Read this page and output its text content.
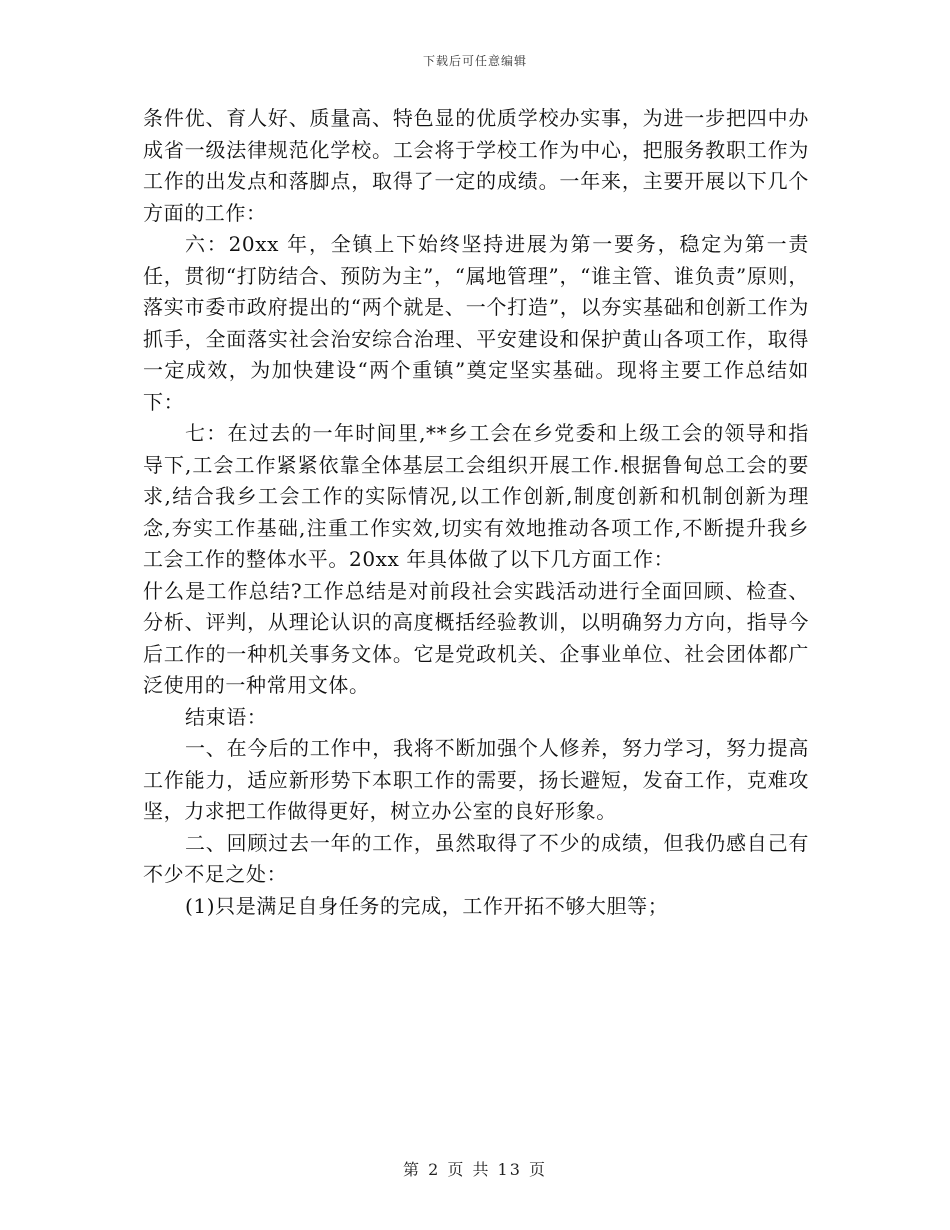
下载后可任意编辑

条件优、育人好、质量高、特色显的优质学校办实事，为进一步把四中办成省一级法律规范化学校。工会将于学校工作为中心，把服务教职工作为工作的出发点和落脚点，取得了一定的成绩。一年来，主要开展以下几个方面的工作：

六：20xx 年，全镇上下始终坚持进展为第一要务，稳定为第一责任，贯彻“打防结合、预防为主”，“属地管理”，“谁主管、谁负责”原则，落实市委市政府提出的“两个就是、一个打造”，以夯实基础和创新工作为抓手，全面落实社会治安综合治理、平安建设和保护黄山各项工作，取得一定成效，为加快建设“两个重镇”奠定坚实基础。现将主要工作总结如下：

七：在过去的一年时间里,**乡工会在乡党委和上级工会的领导和指导下,工会工作紧紧依靠全体基层工会组织开展工作.根据鲁甸总工会的要求,结合我乡工会工作的实际情况,以工作创新,制度创新和机制创新为理念,夯实工作基础,注重工作实效,切实有效地推动各项工作,不断提升我乡工会工作的整体水平。20xx 年具体做了以下几方面工作：

什么是工作总结?工作总结是对前段社会实践活动进行全面回顾、检查、分析、评判，从理论认识的高度概括经验教训，以明确努力方向，指导今后工作的一种机关事务文体。它是党政机关、企事业单位、社会团体都广泛使用的一种常用文体。

结束语：

一、在今后的工作中，我将不断加强个人修养，努力学习，努力提高工作能力，适应新形势下本职工作的需要，扬长避短，发奋工作，克难攻坚，力求把工作做得更好，树立办公室的良好形象。

二、回顾过去一年的工作，虽然取得了不少的成绩，但我仍感自己有不少不足之处：

(1)只是满足自身任务的完成，工作开拓不够大胆等；

第 2 页 共 13 页
